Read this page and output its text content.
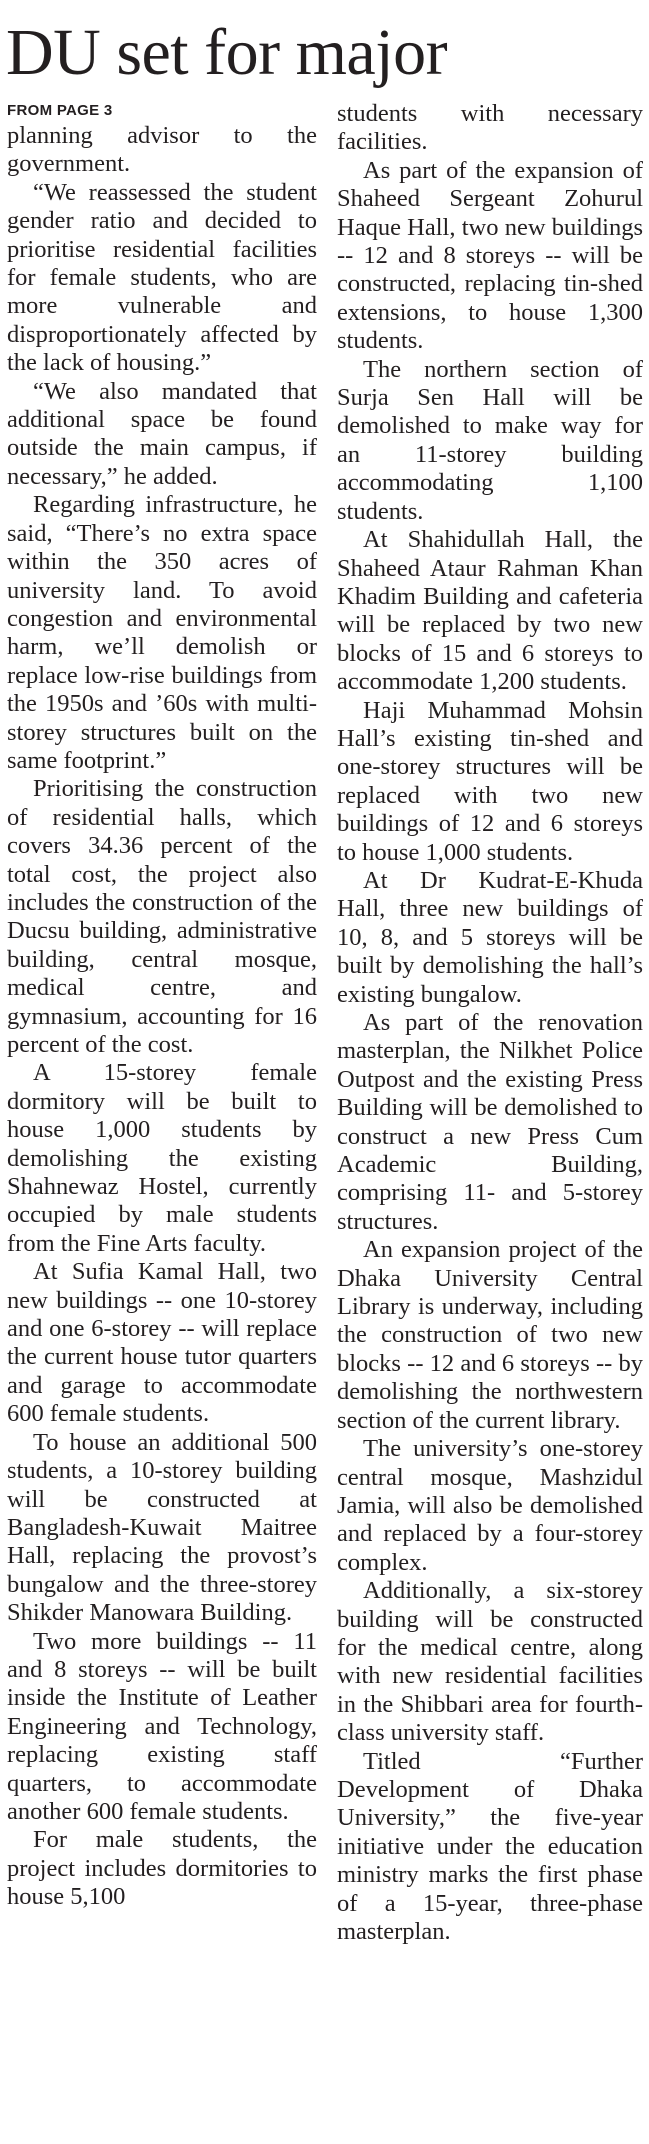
DU set for major
FROM PAGE 3

planning advisor to the government.

“We reassessed the student gender ratio and decided to prioritise residential facilities for female students, who are more vulnerable and disproportionately affected by the lack of housing.”

“We also mandated that additional space be found outside the main campus, if necessary,” he added.

Regarding infrastructure, he said, “There’s no extra space within the 350 acres of university land. To avoid congestion and environmental harm, we’ll demolish or replace low-rise buildings from the 1950s and ’60s with multi-storey structures built on the same footprint.”

Prioritising the construction of residential halls, which covers 34.36 percent of the total cost, the project also includes the construction of the Ducsu building, administrative building, central mosque, medical centre, and gymnasium, accounting for 16 percent of the cost.

A 15-storey female dormitory will be built to house 1,000 students by demolishing the existing Shahnewaz Hostel, currently occupied by male students from the Fine Arts faculty.

At Sufia Kamal Hall, two new buildings -- one 10-storey and one 6-storey -- will replace the current house tutor quarters and garage to accommodate 600 female students.

To house an additional 500 students, a 10-storey building will be constructed at Bangladesh-Kuwait Maitree Hall, replacing the provost’s bungalow and the three-storey Shikder Manowara Building.

Two more buildings -- 11 and 8 storeys -- will be built inside the Institute of Leather Engineering and Technology, replacing existing staff quarters, to accommodate another 600 female students.

For male students, the project includes dormitories to house 5,100

students with necessary facilities.

As part of the expansion of Shaheed Sergeant Zohurul Haque Hall, two new buildings -- 12 and 8 storeys -- will be constructed, replacing tin-shed extensions, to house 1,300 students.

The northern section of Surja Sen Hall will be demolished to make way for an 11-storey building accommodating 1,100 students.

At Shahidullah Hall, the Shaheed Ataur Rahman Khan Khadim Building and cafeteria will be replaced by two new blocks of 15 and 6 storeys to accommodate 1,200 students.

Haji Muhammad Mohsin Hall’s existing tin-shed and one-storey structures will be replaced with two new buildings of 12 and 6 storeys to house 1,000 students.

At Dr Kudrat-E-Khuda Hall, three new buildings of 10, 8, and 5 storeys will be built by demolishing the hall’s existing bungalow.

As part of the renovation masterplan, the Nilkhet Police Outpost and the existing Press Building will be demolished to construct a new Press Cum Academic Building, comprising 11- and 5-storey structures.

An expansion project of the Dhaka University Central Library is underway, including the construction of two new blocks -- 12 and 6 storeys -- by demolishing the northwestern section of the current library.

The university’s one-storey central mosque, Mashzidul Jamia, will also be demolished and replaced by a four-storey complex.

Additionally, a six-storey building will be constructed for the medical centre, along with new residential facilities in the Shibbari area for fourth-class university staff.

Titled “Further Development of Dhaka University,” the five-year initiative under the education ministry marks the first phase of a 15-year, three-phase masterplan.
